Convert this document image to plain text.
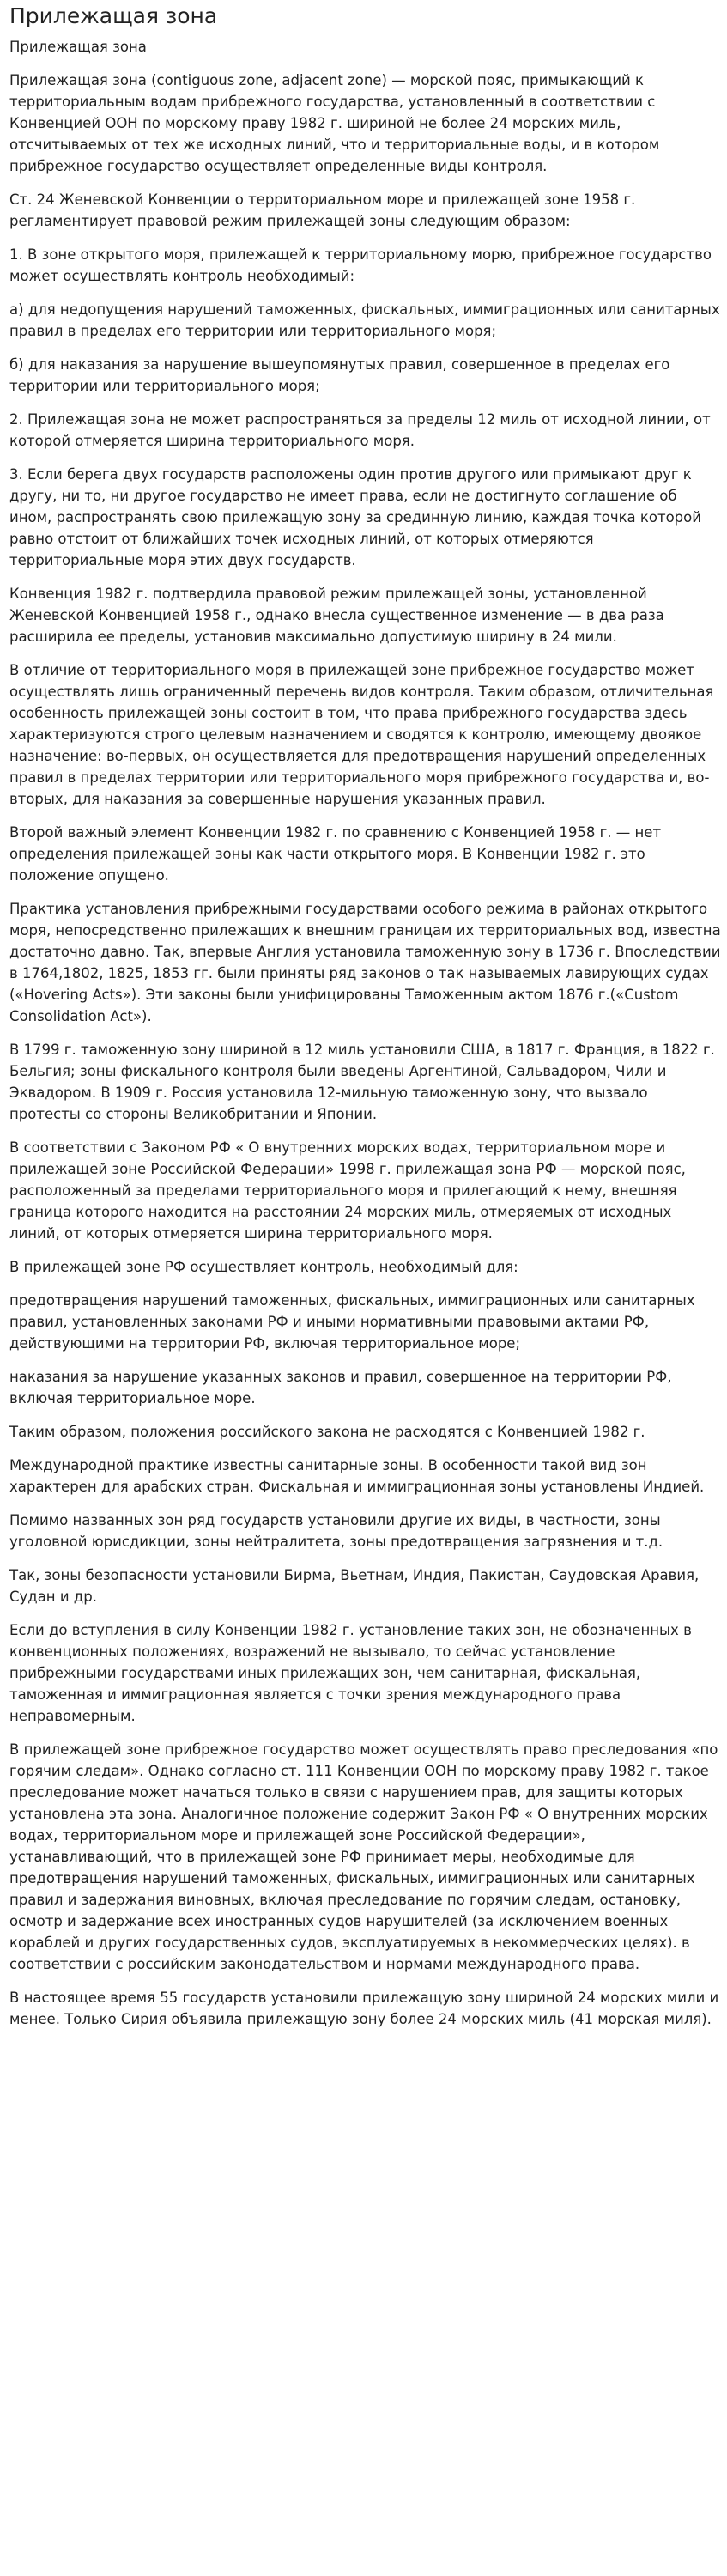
Прилежащая зона
Прилежащая зона

Прилежащая зона (contiguous zone, adjacent zone) — морской пояс, примыкающий к территориальным водам прибрежного государства, установленный в соответствии с Конвенцией ООН по морскому праву 1982 г. шириной не более 24 морских миль, отсчитываемых от тех же исходных линий, что и территориальные воды, и в котором прибрежное государство осуществляет определенные виды контроля.

Ст. 24 Женевской Конвенции о территориальном море и прилежащей зоне 1958 г. регламентирует правовой режим прилежащей зоны следующим образом:

1. В зоне открытого моря, прилежащей к территориальному морю, прибрежное государство может осуществлять контроль необходимый:

а) для недопущения нарушений таможенных, фискальных, иммиграционных или санитарных правил в пределах его территории или территориального моря;

б) для наказания за нарушение вышеупомянутых правил, совершенное в пределах его территории или территориального моря;

2. Прилежащая зона не может распространяться за пределы 12 миль от исходной линии, от которой отмеряется ширина территориального моря.

3. Если берега двух государств расположены один против другого или примыкают друг к другу, ни то, ни другое государство не имеет права, если не достигнуто соглашение об ином, распространять свою прилежащую зону за срединную линию, каждая точка которой равно отстоит от ближайших точек исходных линий, от которых отмеряются территориальные моря этих двух государств.

Конвенция 1982 г. подтвердила правовой режим прилежащей зоны, установленной Женевской Конвенцией 1958 г., однако внесла существенное изменение — в два раза расширила ее пределы, установив максимально допустимую ширину в 24 мили.

В отличие от территориального моря в прилежащей зоне прибрежное государство может осуществлять лишь ограниченный перечень видов контроля. Таким образом, отличительная особенность прилежащей зоны состоит в том, что права прибрежного государства здесь характеризуются строго целевым назначением и сводятся к контролю, имеющему двоякое назначение: во-первых, он осуществляется для предотвращения нарушений определенных правил в пределах территории или территориального моря прибрежного государства и, во-вторых, для наказания за совершенные нарушения указанных правил.

Второй важный элемент Конвенции 1982 г. по сравнению с Конвенцией 1958 г. — нет определения прилежащей зоны как части открытого моря. В Конвенции 1982 г. это положение опущено.

Практика установления прибрежными государствами особого режима в районах открытого моря, непосредственно прилежащих к внешним границам их территориальных вод, известна достаточно давно. Так, впервые Англия установила таможенную зону в 1736 г. Впоследствии в 1764,1802, 1825, 1853 гг. были приняты ряд законов о так называемых лавирующих судах («Hovering Acts»). Эти законы были унифицированы Таможенным актом 1876 г.(«Custom Consolidation Act»).

В 1799 г. таможенную зону шириной в 12 миль установили США, в 1817 г. Франция, в 1822 г. Бельгия; зоны фискального контроля были введены Аргентиной, Сальвадором, Чили и Эквадором. В 1909 г. Россия установила 12-мильную таможенную зону, что вызвало протесты со стороны Великобритании и Японии.

В соответствии с Законом РФ « О внутренних морских водах, территориальном море и прилежащей зоне Российской Федерации» 1998 г. прилежащая зона РФ — морской пояс, расположенный за пределами территориального моря и прилегающий к нему, внешняя граница которого находится на расстоянии 24 морских миль, отмеряемых от исходных линий, от которых отмеряется ширина территориального моря.

В прилежащей зоне РФ осуществляет контроль, необходимый для:

предотвращения нарушений таможенных, фискальных, иммиграционных или санитарных правил, установленных законами РФ и иными нормативными правовыми актами РФ, действующими на территории РФ, включая территориальное море;

наказания за нарушение указанных законов и правил, совершенное на территории РФ, включая территориальное море.

Таким образом, положения российского закона не расходятся с Конвенцией 1982 г.

Международной практике известны санитарные зоны. В особенности такой вид зон характерен для арабских стран. Фискальная и иммиграционная зоны установлены Индией.

Помимо названных зон ряд государств установили другие их виды, в частности, зоны уголовной юрисдикции, зоны нейтралитета, зоны предотвращения загрязнения и т.д.

Так, зоны безопасности установили Бирма, Вьетнам, Индия, Пакистан, Саудовская Аравия, Судан и др.

Если до вступления в силу Конвенции 1982 г. установление таких зон, не обозначенных в конвенционных положениях, возражений не вызывало, то сейчас установление прибрежными государствами иных прилежащих зон, чем санитарная, фискальная, таможенная и иммиграционная является с точки зрения международного права неправомерным.

В прилежащей зоне прибрежное государство может осуществлять право преследования «по горячим следам». Однако согласно ст. 111 Конвенции ООН по морскому праву 1982 г. такое преследование может начаться только в связи с нарушением прав, для защиты которых установлена эта зона. Аналогичное положение содержит Закон РФ « О внутренних морских водах, территориальном море и прилежащей зоне Российской Федерации», устанавливающий, что в прилежащей зоне РФ принимает меры, необходимые для предотвращения нарушений таможенных, фискальных, иммиграционных или санитарных правил и задержания виновных, включая преследование по горячим следам, остановку, осмотр и задержание всех иностранных судов нарушителей (за исключением военных кораблей и других государственных судов, эксплуатируемых в некоммерческих целях). в соответствии с российским законодательством и нормами международного права.

В настоящее время 55 государств установили прилежащую зону шириной 24 морских мили и менее. Только Сирия объявила прилежащую зону более 24 морских миль (41 морская миля).
